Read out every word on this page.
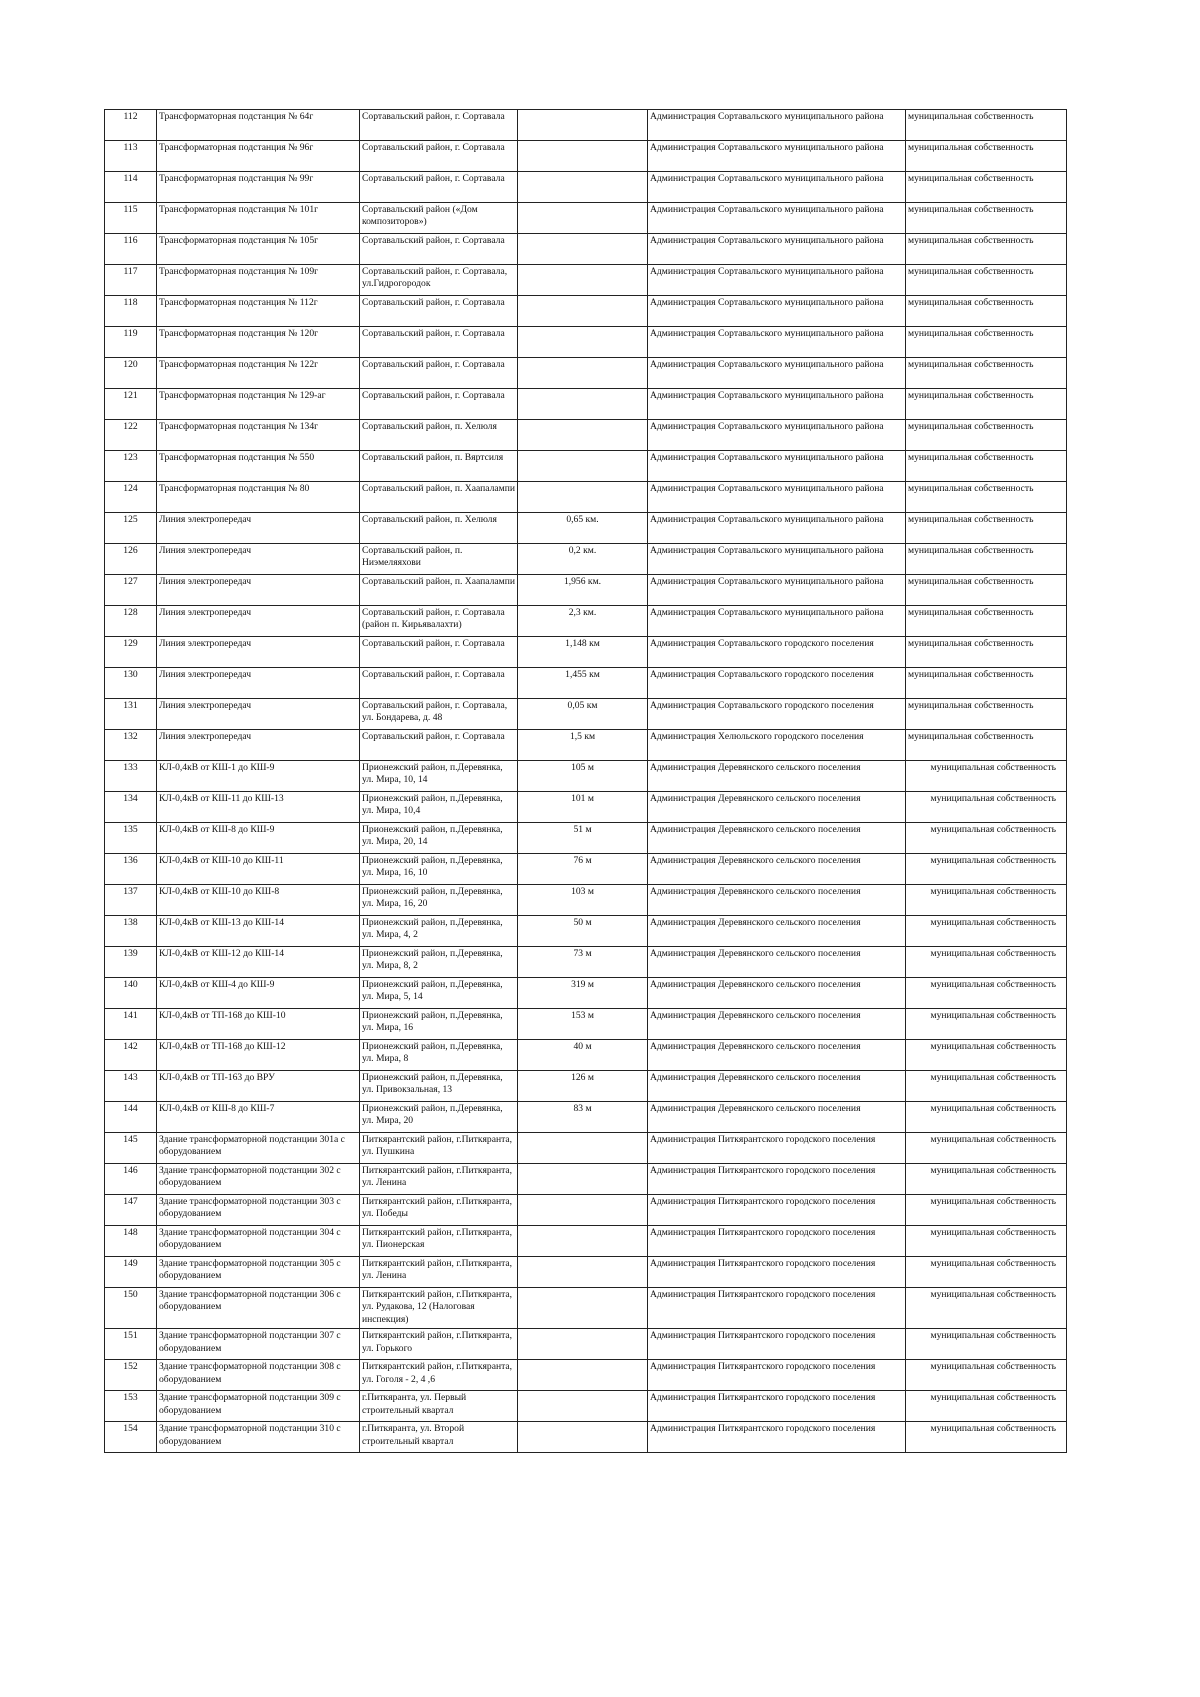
112	Трансформаторная подстанция № 64г	Сортавальский район, г. Сортавала		Администрация Сортавальского муниципального района	муниципальная собственность
113	Трансформаторная подстанция № 96г	Сортавальский район, г. Сортавала		Администрация Сортавальского муниципального района	муниципальная собственность
114	Трансформаторная подстанция № 99г	Сортавальский район, г. Сортавала		Администрация Сортавальского муниципального района	муниципальная собственность
115	Трансформаторная подстанция № 101г	Сортавальский район («Дом композиторов»)		Администрация Сортавальского муниципального района	муниципальная собственность
116	Трансформаторная подстанция № 105г	Сортавальский район, г. Сортавала		Администрация Сортавальского муниципального района	муниципальная собственность
117	Трансформаторная подстанция № 109г	Сортавальский район, г. Сортавала, ул.Гидрогородок		Администрация Сортавальского муниципального района	муниципальная собственность
118	Трансформаторная подстанция № 112г	Сортавальский район, г. Сортавала		Администрация Сортавальского муниципального района	муниципальная собственность
119	Трансформаторная подстанция № 120г	Сортавальский район, г. Сортавала		Администрация Сортавальского муниципального района	муниципальная собственность
120	Трансформаторная подстанция № 122г	Сортавальский район, г. Сортавала		Администрация Сортавальского муниципального района	муниципальная собственность
121	Трансформаторная подстанция № 129-аг	Сортавальский район, г. Сортавала		Администрация Сортавальского муниципального района	муниципальная собственность
122	Трансформаторная подстанция № 134г	Сортавальский район, п. Хелюля		Администрация Сортавальского муниципального района	муниципальная собственность
123	Трансформаторная подстанция № 550	Сортавальский район, п. Вяртсиля		Администрация Сортавальского муниципального района	муниципальная собственность
124	Трансформаторная подстанция № 80	Сортавальский район, п. Хаапалампи		Администрация Сортавальского муниципального района	муниципальная собственность
125	Линия электропередач	Сортавальский район, п. Хелюля	0,65 км.	Администрация Сортавальского муниципального района	муниципальная собственность
126	Линия электропередач	Сортавальский район, п. Ниэмеляяхови	0,2 км.	Администрация Сортавальского муниципального района	муниципальная собственность
127	Линия электропередач	Сортавальский район, п. Хаапалампи	1,956 км.	Администрация Сортавальского муниципального района	муниципальная собственность
128	Линия электропередач	Сортавальский район, г. Сортавала (район п. Кирьявалахти)	2,3 км.	Администрация Сортавальского муниципального района	муниципальная собственность
129	Линия электропередач	Сортавальский район, г. Сортавала	1,148 км	Администрация Сортавальского городского поселения	муниципальная собственность
130	Линия электропередач	Сортавальский район, г. Сортавала	1,455 км	Администрация Сортавальского городского поселения	муниципальная собственность
131	Линия электропередач	Сортавальский район, г. Сортавала, ул. Бондарева, д. 48	0,05 км	Администрация Сортавальского городского поселения	муниципальная собственность
132	Линия электропередач	Сортавальский район, г. Сортавала	1,5 км	Администрация Хелюльского городского поселения	муниципальная собственность
133	КЛ-0,4кВ от КШ-1 до КШ-9	Прионежский район, п.Деревянка, ул. Мира, 10, 14	105 м	Администрация Деревянского сельского поселения	муниципальная собственность
134	КЛ-0,4кВ от КШ-11 до КШ-13	Прионежский район, п.Деревянка, ул. Мира, 10,4	101 м	Администрация Деревянского сельского поселения	муниципальная собственность
135	КЛ-0,4кВ от КШ-8 до КШ-9	Прионежский район, п.Деревянка, ул. Мира, 20, 14	51 м	Администрация Деревянского сельского поселения	муниципальная собственность
136	КЛ-0,4кВ от КШ-10 до КШ-11	Прионежский район, п.Деревянка, ул. Мира, 16, 10	76 м	Администрация Деревянского сельского поселения	муниципальная собственность
137	КЛ-0,4кВ от КШ-10 до КШ-8	Прионежский район, п.Деревянка, ул. Мира, 16, 20	103 м	Администрация Деревянского сельского поселения	муниципальная собственность
138	КЛ-0,4кВ от КШ-13 до КШ-14	Прионежский район, п.Деревянка, ул. Мира, 4, 2	50 м	Администрация Деревянского сельского поселения	муниципальная собственность
139	КЛ-0,4кВ от КШ-12 до КШ-14	Прионежский район, п.Деревянка, ул. Мира, 8, 2	73 м	Администрация Деревянского сельского поселения	муниципальная собственность
140	КЛ-0,4кВ от КШ-4 до КШ-9	Прионежский район, п.Деревянка, ул. Мира, 5, 14	319 м	Администрация Деревянского сельского поселения	муниципальная собственность
141	КЛ-0,4кВ от ТП-168 до КШ-10	Прионежский район, п.Деревянка, ул. Мира, 16	153 м	Администрация Деревянского сельского поселения	муниципальная собственность
142	КЛ-0,4кВ от ТП-168 до КШ-12	Прионежский район, п.Деревянка, ул. Мира, 8	40 м	Администрация Деревянского сельского поселения	муниципальная собственность
143	КЛ-0,4кВ от ТП-163 до ВРУ	Прионежский район, п.Деревянка, ул. Привокзальная, 13	126 м	Администрация Деревянского сельского поселения	муниципальная собственность
144	КЛ-0,4кВ от КШ-8 до КШ-7	Прионежский район, п.Деревянка, ул. Мира, 20	83 м	Администрация Деревянского сельского поселения	муниципальная собственность
145	Здание трансформаторной подстанции 301а с оборудованием	Питкярантский район, г.Питкяранта, ул. Пушкина		Администрация Питкярантского городского поселения	муниципальная собственность
146	Здание трансформаторной подстанции 302 с оборудованием	Питкярантский район, г.Питкяранта, ул. Ленина		Администрация Питкярантского городского поселения	муниципальная собственность
147	Здание трансформаторной подстанции 303 с оборудованием	Питкярантский район, г.Питкяранта, ул. Победы		Администрация Питкярантского городского поселения	муниципальная собственность
148	Здание трансформаторной подстанции 304 с оборудованием	Питкярантский район, г.Питкяранта, ул. Пионерская		Администрация Питкярантского городского поселения	муниципальная собственность
149	Здание трансформаторной подстанции 305 с оборудованием	Питкярантский район, г.Питкяранта, ул. Ленина		Администрация Питкярантского городского поселения	муниципальная собственность
150	Здание трансформаторной подстанции 306 с оборудованием	Питкярантский район, г.Питкяранта, ул. Рудакова, 12 (Налоговая инспекция)		Администрация Питкярантского городского поселения	муниципальная собственность
151	Здание трансформаторной подстанции 307 с оборудованием	Питкярантский район, г.Питкяранта, ул. Горького		Администрация Питкярантского городского поселения	муниципальная собственность
152	Здание трансформаторной подстанции 308 с оборудованием	Питкярантский район, г.Питкяранта, ул. Гоголя - 2, 4 ,6		Администрация Питкярантского городского поселения	муниципальная собственность
153	Здание трансформаторной подстанции 309 с оборудованием	г.Питкяранта, ул. Первый строительный квартал		Администрация Питкярантского городского поселения	муниципальная собственность
154	Здание трансформаторной подстанции 310 с оборудованием	г.Питкяранта, ул. Второй строительный квартал		Администрация Питкярантского городского поселения	муниципальная собственность
